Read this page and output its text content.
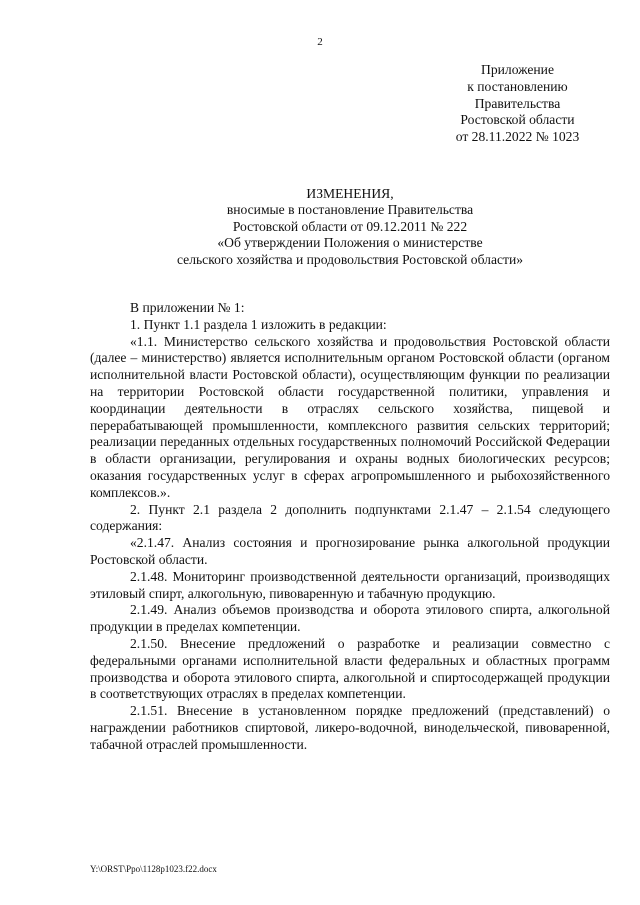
2
Приложение
к постановлению
Правительства
Ростовской области
от 28.11.2022 № 1023
ИЗМЕНЕНИЯ,
вносимые в постановление Правительства
Ростовской области от 09.12.2011 № 222
«Об утверждении Положения о министерстве
сельского хозяйства и продовольствия Ростовской области»

В приложении № 1:

1. Пункт 1.1 раздела 1 изложить в редакции:

«1.1. Министерство сельского хозяйства и продовольствия Ростовской области (далее – министерство) является исполнительным органом Ростовской области (органом исполнительной власти Ростовской области), осуществляющим функции по реализации на территории Ростовской области государственной политики, управления и координации деятельности в отраслях сельского хозяйства, пищевой и перерабатывающей промышленности, комплексного развития сельских территорий; реализации переданных отдельных государственных полномочий Российской Федерации в области организации, регулирования и охраны водных биологических ресурсов; оказания государственных услуг в сферах агропромышленного и рыбохозяйственного комплексов.».

2. Пункт 2.1 раздела 2 дополнить подпунктами 2.1.47 – 2.1.54 следующего содержания:

«2.1.47. Анализ состояния и прогнозирование рынка алкогольной продукции Ростовской области.

2.1.48. Мониторинг производственной деятельности организаций, производящих этиловый спирт, алкогольную, пивоваренную и табачную продукцию.

2.1.49. Анализ объемов производства и оборота этилового спирта, алкогольной продукции в пределах компетенции.

2.1.50. Внесение предложений о разработке и реализации совместно с федеральными органами исполнительной власти федеральных и областных программ производства и оборота этилового спирта, алкогольной и спиртосодержащей продукции в соответствующих отраслях в пределах компетенции.

2.1.51. Внесение в установленном порядке предложений (представлений) о награждении работников спиртовой, ликеро-водочной, винодельческой, пивоваренной, табачной отраслей промышленности.

Y:\ORST\Ppo\1128p1023.f22.docx
